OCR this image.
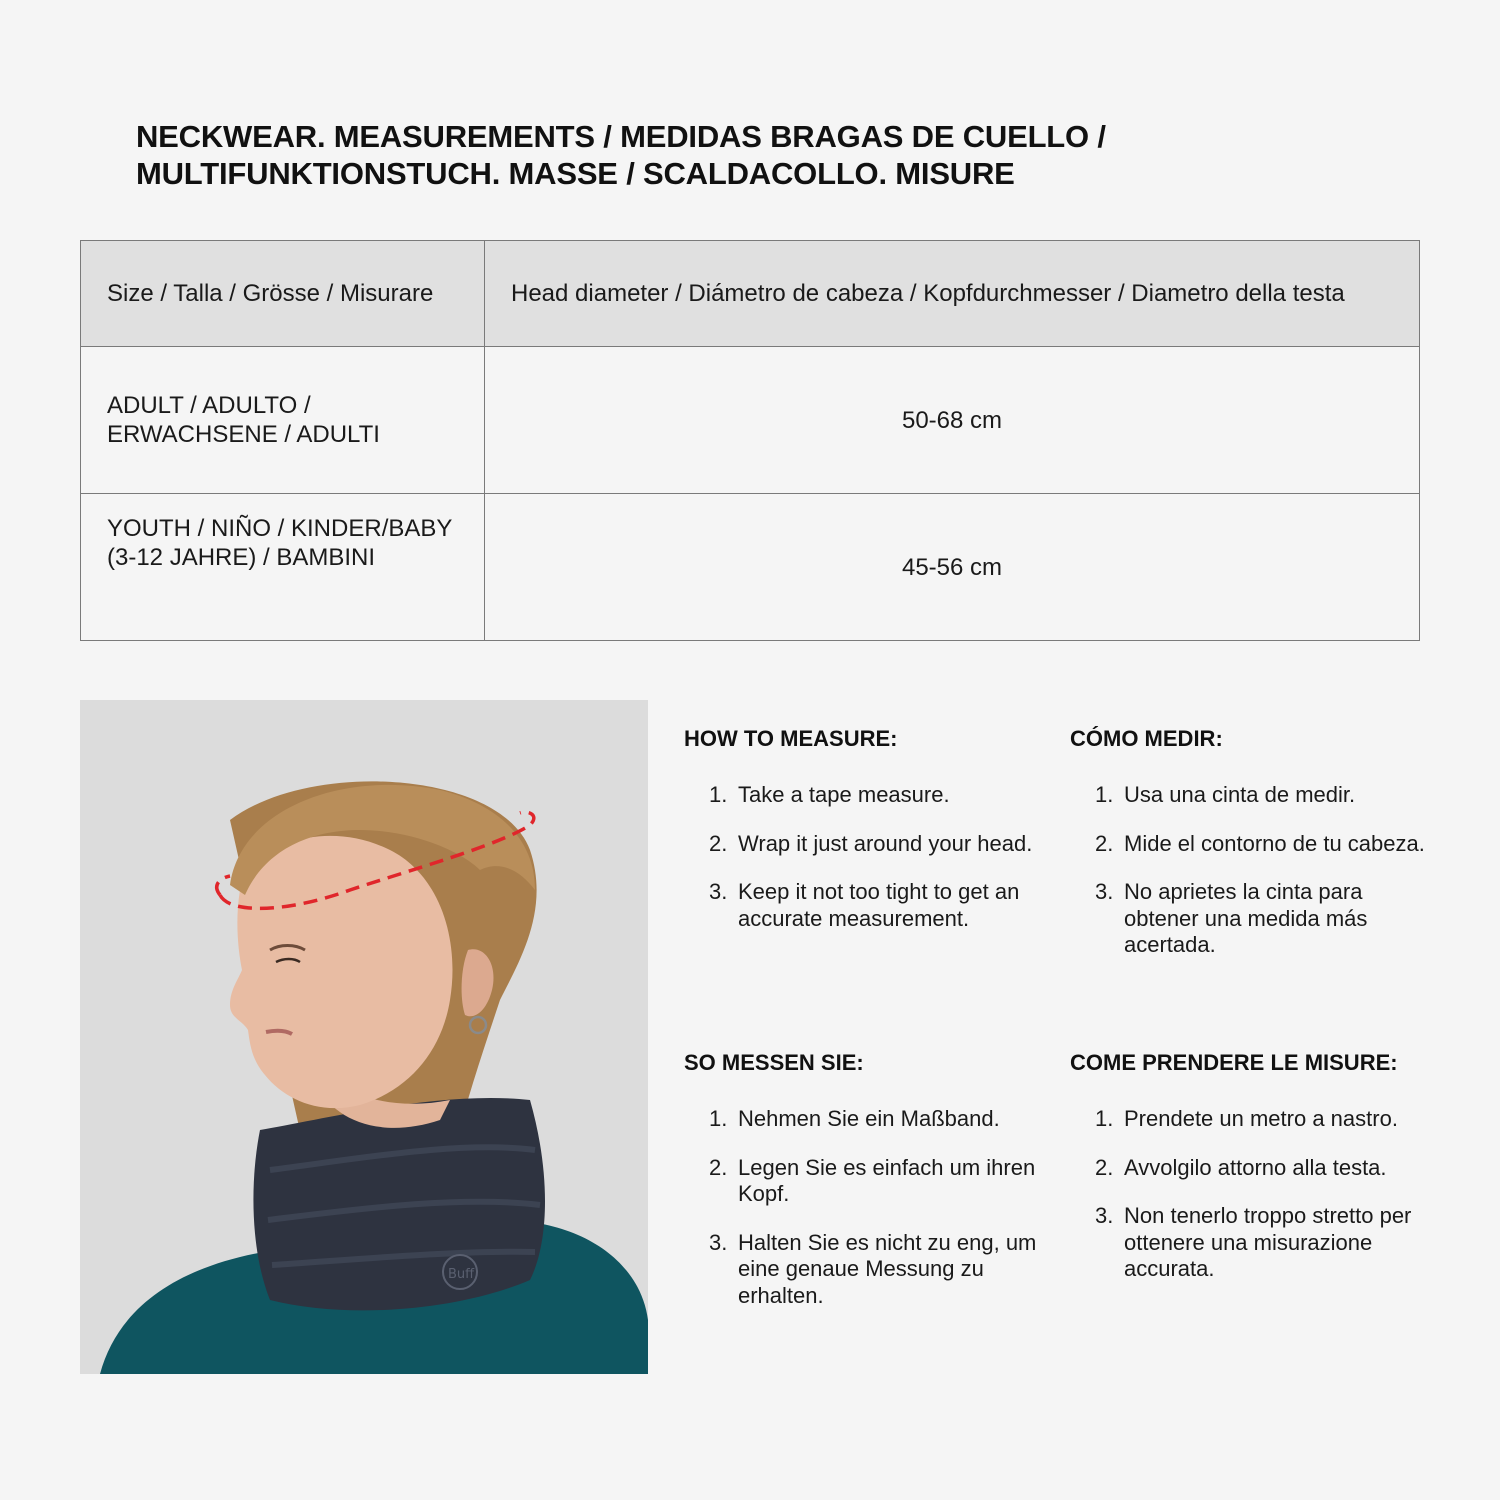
NECKWEAR. MEASUREMENTS / MEDIDAS BRAGAS DE CUELLO /
MULTIFUNKTIONSTUCH. MASSE / SCALDACOLLO. MISURE
Size / Talla / Grösse / Misurare	Head diameter / Diámetro de cabeza / Kopfdurchmesser / Diametro della testa

ADULT / ADULTO /
ERWACHSENE / ADULTI	50-68 cm

YOUTH / NIÑO / KINDER/BABY
(3-12 JAHRE) / BAMBINI	45-56 cm
Buff
HOW TO MEASURE:
1. Take a tape measure.
2. Wrap it just around your head.
3. Keep it not too tight to get an accurate measurement.
CÓMO MEDIR:
1. Usa una cinta de medir.
2. Mide el contorno de tu cabeza.
3. No aprietes la cinta para obtener una medida más acertada.
SO MESSEN SIE:
1. Nehmen Sie ein Maßband.
2. Legen Sie es einfach um ihren Kopf.
3. Halten Sie es nicht zu eng, um eine genaue Messung zu erhalten.
COME PRENDERE LE MISURE:
1. Prendete un metro a nastro.
2. Avvolgilo attorno alla testa.
3. Non tenerlo troppo stretto per ottenere una misurazione accurata.
